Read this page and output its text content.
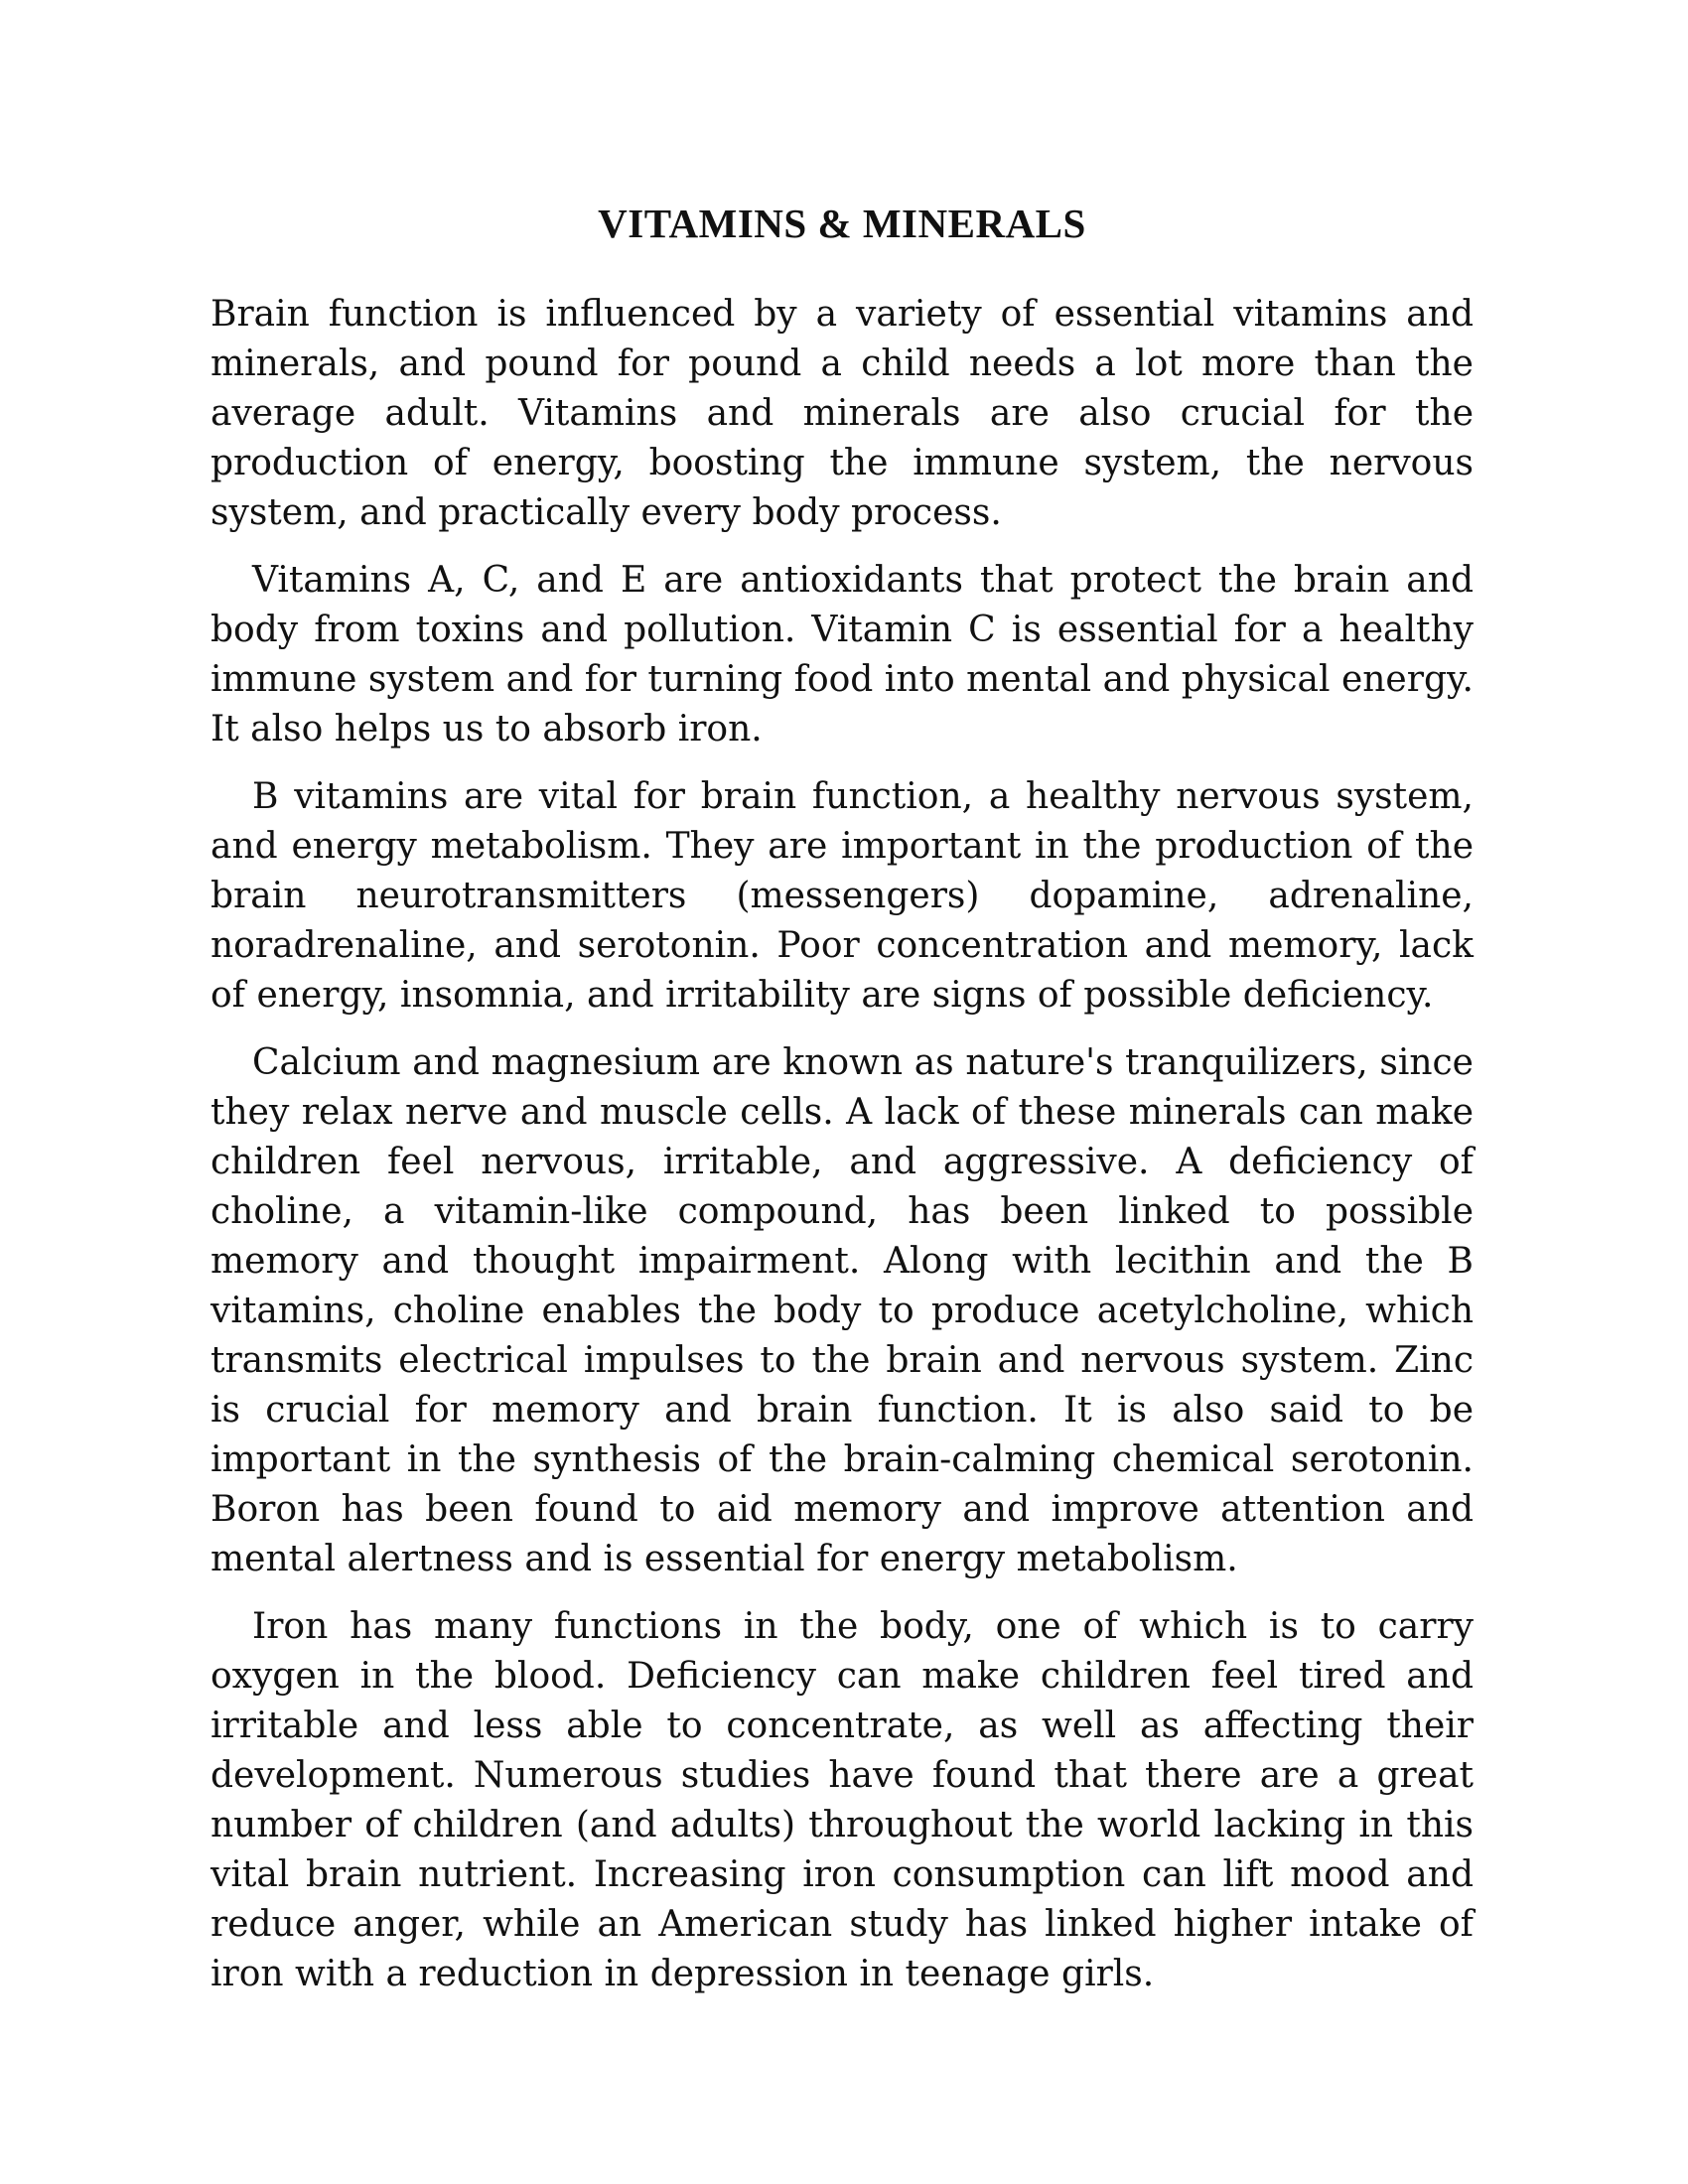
VITAMINS & MINERALS

Brain function is influenced by a variety of essential vitamins and minerals, and pound for pound a child needs a lot more than the average adult. Vitamins and minerals are also crucial for the production of energy, boosting the immune system, the nervous system, and practically every body process.

Vitamins A, C, and E are antioxidants that protect the brain and body from toxins and pollution. Vitamin C is essential for a healthy immune system and for turning food into mental and physical energy. It also helps us to absorb iron.

B vitamins are vital for brain function, a healthy nervous system, and energy metabolism. They are important in the production of the brain neurotransmitters (messengers) dopamine, adrenaline, noradrenaline, and serotonin. Poor concentration and memory, lack of energy, insomnia, and irritability are signs of possible deficiency.

Calcium and magnesium are known as nature's tranquilizers, since they relax nerve and muscle cells. A lack of these minerals can make children feel nervous, irritable, and aggressive. A deficiency of choline, a vitamin-like compound, has been linked to possible memory and thought impairment. Along with lecithin and the B vitamins, choline enables the body to produce acetylcholine, which transmits electrical impulses to the brain and nervous system. Zinc is crucial for memory and brain function. It is also said to be important in the synthesis of the brain-calming chemical serotonin. Boron has been found to aid memory and improve attention and mental alertness and is essential for energy metabolism.

Iron has many functions in the body, one of which is to carry oxygen in the blood. Deficiency can make children feel tired and irritable and less able to concentrate, as well as affecting their development. Numerous studies have found that there are a great number of children (and adults) throughout the world lacking in this vital brain nutrient. Increasing iron consumption can lift mood and reduce anger, while an American study has linked higher intake of iron with a reduction in depression in teenage girls.
